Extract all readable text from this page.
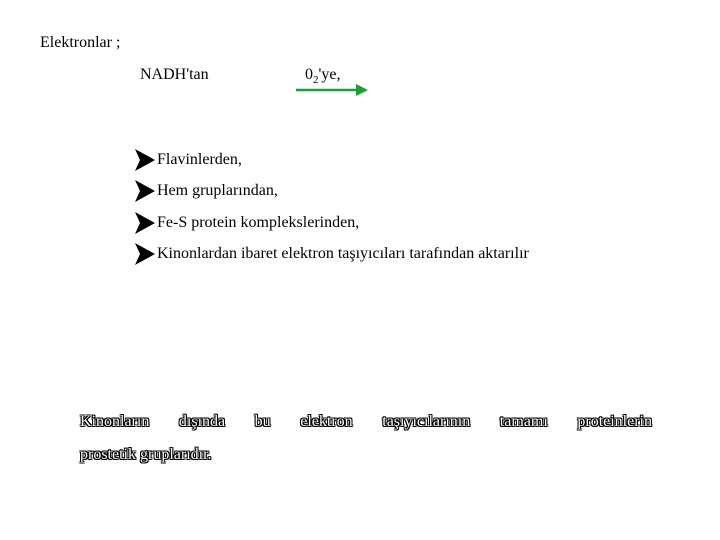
Elektronlar ;
NADH'tan	$0_2'ye$,
Flavinlerden,
Hem gruplarından,
Fe-S protein komplekslerinden,
Kinonlardan ibaret elektron taşıyıcıları tarafından aktarılır
Kinonların dışında bu elektron taşıyıcılarının tamamı proteinlerin
prostetik gruplarıdır.
